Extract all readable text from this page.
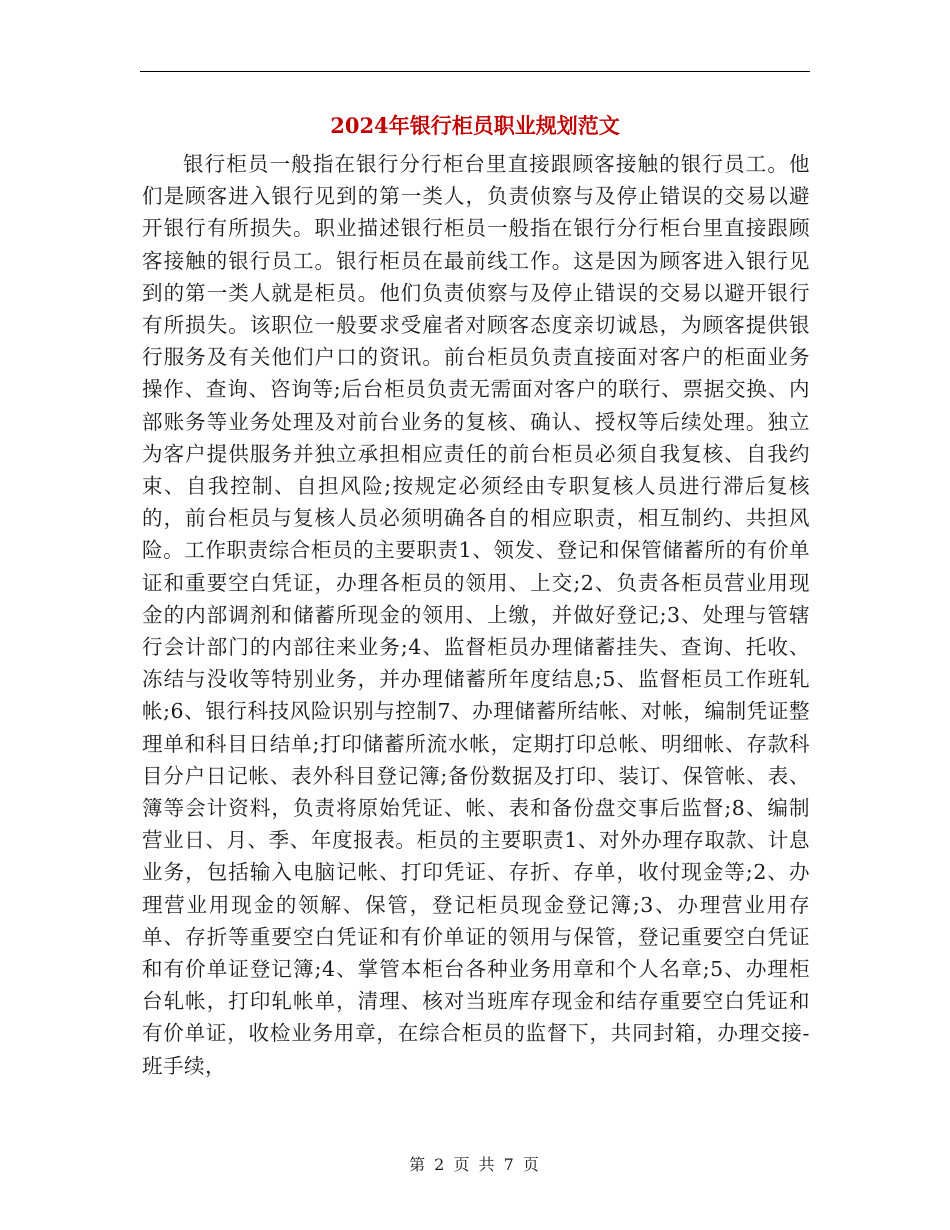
2024年银行柜员职业规划范文

银行柜员一般指在银行分行柜台里直接跟顾客接触的银行员工。他们是顾客进入银行见到的第一类人，负责侦察与及停止错误的交易以避开银行有所损失。职业描述银行柜员一般指在银行分行柜台里直接跟顾客接触的银行员工。银行柜员在最前线工作。这是因为顾客进入银行见到的第一类人就是柜员。他们负责侦察与及停止错误的交易以避开银行有所损失。该职位一般要求受雇者对顾客态度亲切诚恳，为顾客提供银行服务及有关他们户口的资讯。前台柜员负责直接面对客户的柜面业务操作、查询、咨询等;后台柜员负责无需面对客户的联行、票据交换、内部账务等业务处理及对前台业务的复核、确认、授权等后续处理。独立为客户提供服务并独立承担相应责任的前台柜员必须自我复核、自我约束、自我控制、自担风险;按规定必须经由专职复核人员进行滞后复核的，前台柜员与复核人员必须明确各自的相应职责，相互制约、共担风险。工作职责综合柜员的主要职责1、领发、登记和保管储蓄所的有价单证和重要空白凭证，办理各柜员的领用、上交;2、负责各柜员营业用现金的内部调剂和储蓄所现金的领用、上缴，并做好登记;3、处理与管辖行会计部门的内部往来业务;4、监督柜员办理储蓄挂失、查询、托收、冻结与没收等特别业务，并办理储蓄所年度结息;5、监督柜员工作班轧帐;6、银行科技风险识别与控制7、办理储蓄所结帐、对帐，编制凭证整理单和科目日结单;打印储蓄所流水帐，定期打印总帐、明细帐、存款科目分户日记帐、表外科目登记簿;备份数据及打印、装订、保管帐、表、簿等会计资料，负责将原始凭证、帐、表和备份盘交事后监督;8、编制营业日、月、季、年度报表。柜员的主要职责1、对外办理存取款、计息业务，包括输入电脑记帐、打印凭证、存折、存单，收付现金等;2、办理营业用现金的领解、保管，登记柜员现金登记簿;3、办理营业用存单、存折等重要空白凭证和有价单证的领用与保管，登记重要空白凭证和有价单证登记簿;4、掌管本柜台各种业务用章和个人名章;5、办理柜台轧帐，打印轧帐单，清理、核对当班库存现金和结存重要空白凭证和有价单证，收检业务用章，在综合柜员的监督下，共同封箱，办理交接-班手续，

第 2 页 共 7 页
